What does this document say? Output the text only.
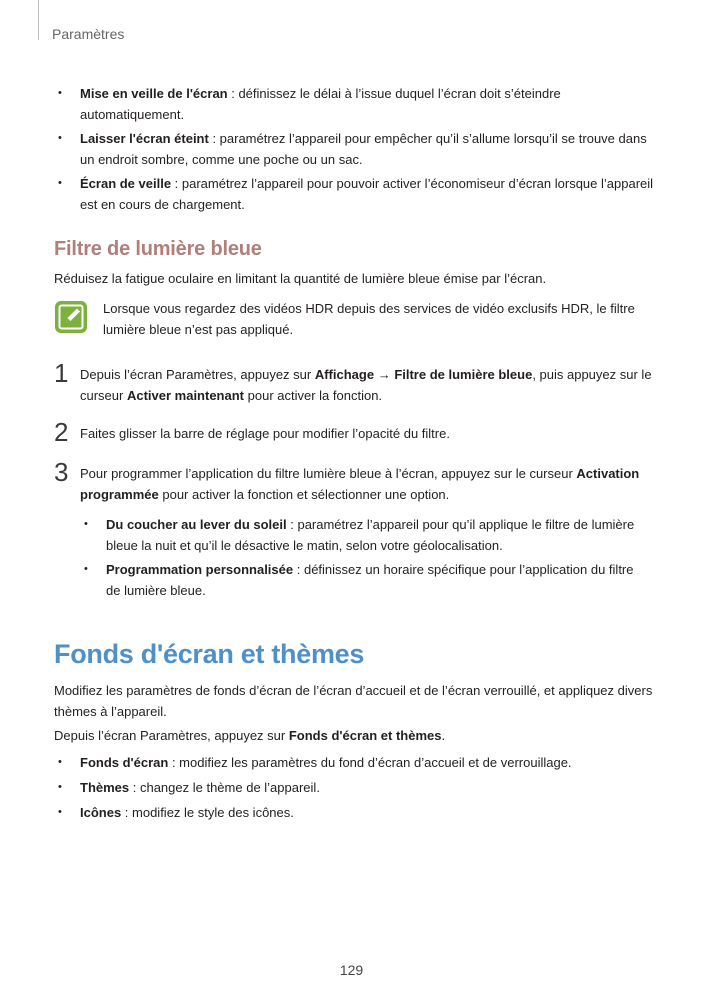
Paramètres
• Mise en veille de l'écran : définissez le délai à l’issue duquel l’écran doit s’éteindre automatiquement.
• Laisser l'écran éteint : paramétrez l’appareil pour empêcher qu’il s’allume lorsqu’il se trouve dans un endroit sombre, comme une poche ou un sac.
• Écran de veille : paramétrez l’appareil pour pouvoir activer l’économiseur d’écran lorsque l’appareil est en cours de chargement.
Filtre de lumière bleue
Réduisez la fatigue oculaire en limitant la quantité de lumière bleue émise par l’écran.
Lorsque vous regardez des vidéos HDR depuis des services de vidéo exclusifs HDR, le filtre lumière bleue n’est pas appliqué.
1 Depuis l’écran Paramètres, appuyez sur Affichage → Filtre de lumière bleue, puis appuyez sur le curseur Activer maintenant pour activer la fonction.
2 Faites glisser la barre de réglage pour modifier l’opacité du filtre.
3 Pour programmer l’application du filtre lumière bleue à l’écran, appuyez sur le curseur Activation programmée pour activer la fonction et sélectionner une option.
• Du coucher au lever du soleil : paramétrez l’appareil pour qu’il applique le filtre de lumière bleue la nuit et qu’il le désactive le matin, selon votre géolocalisation.
• Programmation personnalisée : définissez un horaire spécifique pour l’application du filtre de lumière bleue.
Fonds d'écran et thèmes
Modifiez les paramètres de fonds d’écran de l’écran d’accueil et de l’écran verrouillé, et appliquez divers thèmes à l’appareil.
Depuis l’écran Paramètres, appuyez sur Fonds d'écran et thèmes.
• Fonds d'écran : modifiez les paramètres du fond d’écran d’accueil et de verrouillage.
• Thèmes : changez le thème de l’appareil.
• Icônes : modifiez le style des icônes.
129
